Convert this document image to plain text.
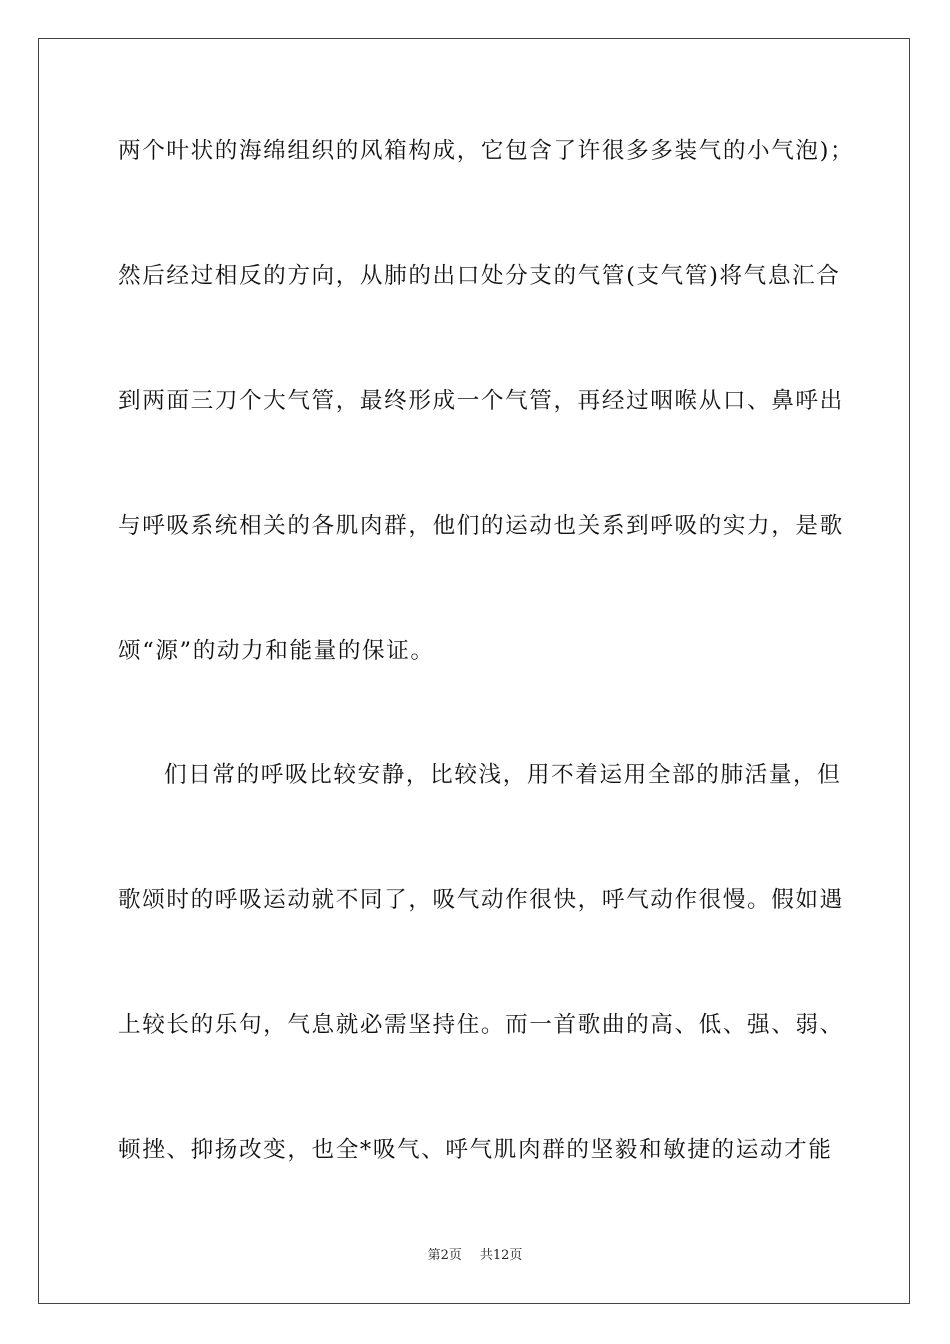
两个叶状的海绵组织的风箱构成，它包含了许很多多装气的小气泡)；
然后经过相反的方向，从肺的出口处分支的气管(支气管)将气息汇合
到两面三刀个大气管，最终形成一个气管，再经过咽喉从口、鼻呼出
与呼吸系统相关的各肌肉群，他们的运动也关系到呼吸的实力，是歌
颂“源”的动力和能量的保证。
们日常的呼吸比较安静，比较浅，用不着运用全部的肺活量，但
歌颂时的呼吸运动就不同了，吸气动作很快，呼气动作很慢。假如遇
上较长的乐句，气息就必需坚持住。而一首歌曲的高、低、强、弱、
顿挫、抑扬改变，也全*吸气、呼气肌肉群的坚毅和敏捷的运动才能
第2页 共12页
